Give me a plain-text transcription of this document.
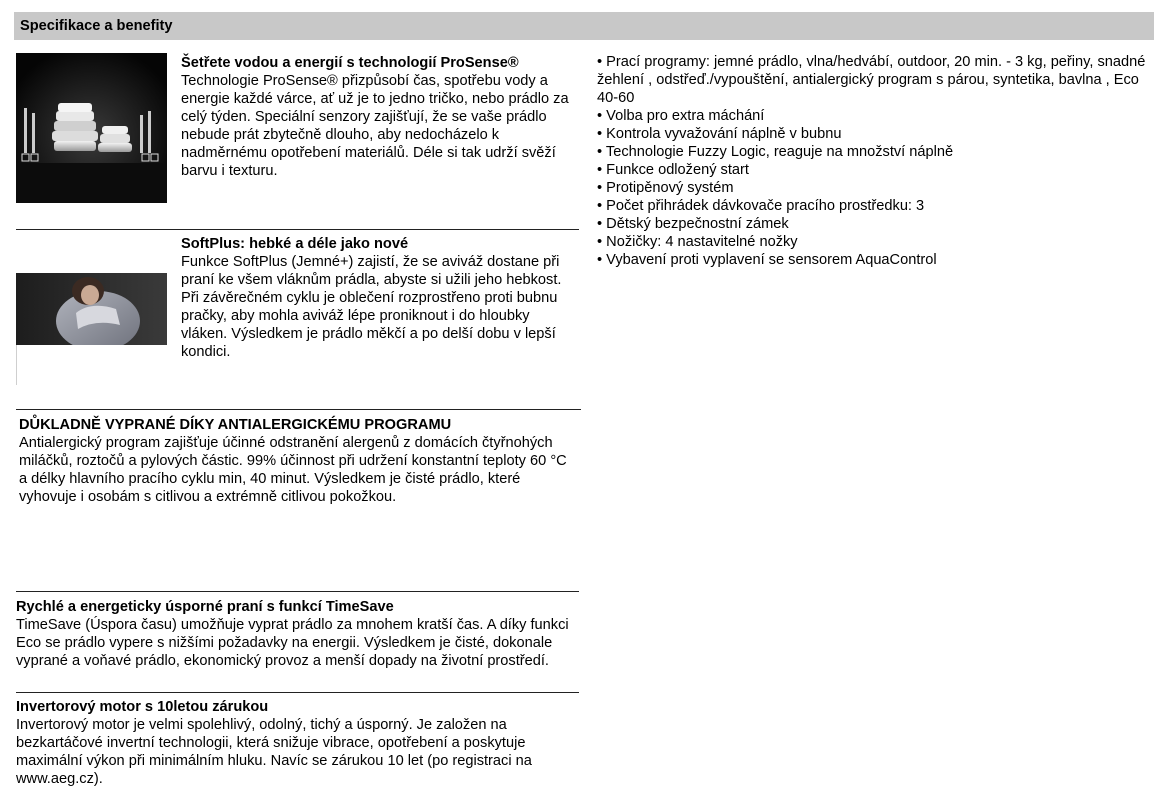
Specifikace a benefity
Šetřete vodou a energií s technologií ProSense®
Technologie ProSense® přizpůsobí čas, spotřebu vody a energie každé várce, ať už je to jedno tričko, nebo prádlo za celý týden. Speciální senzory zajišťují, že se vaše prádlo nebude prát zbytečně dlouho, aby nedocházelo k nadměrnému opotřebení materiálů. Déle si tak udrží svěží barvu i texturu.
SoftPlus: hebké a déle jako nové
Funkce SoftPlus (Jemné+) zajistí, že se aviváž dostane při praní ke všem vláknům prádla, abyste si užili jeho hebkost. Při závěrečném cyklu je oblečení rozprostřeno proti bubnu pračky, aby mohla aviváž lépe proniknout i do hloubky vláken. Výsledkem je prádlo měkčí a po delší dobu v lepší kondici.
DŮKLADNĚ VYPRANÉ DÍKY ANTIALERGICKÉMU PROGRAMU
Antialergický program zajišťuje účinné odstranění alergenů z domácích čtyřnohých miláčků, roztočů a pylových částic. 99% účinnost při udržení konstantní teploty 60 °C a délky hlavního pracího cyklu min, 40 minut. Výsledkem je čisté prádlo, které vyhovuje i osobám s citlivou a extrémně citlivou pokožkou.
Rychlé a energeticky úsporné praní s funkcí TimeSave
TimeSave (Úspora času) umožňuje vyprat prádlo za mnohem kratší čas. A díky funkci Eco se prádlo vypere s nižšími požadavky na energii. Výsledkem je čisté, dokonale vyprané a voňavé prádlo, ekonomický provoz a menší dopady na životní prostředí.
Invertorový motor s 10letou zárukou
Invertorový motor je velmi spolehlivý, odolný, tichý a úsporný. Je založen na bezkartáčové invertní technologii, která snižuje vibrace, opotřebení a poskytuje maximální výkon při minimálním hluku. Navíc se zárukou 10 let (po registraci na www.aeg.cz).
• Prací programy: jemné prádlo, vlna/hedvábí, outdoor, 20 min. - 3 kg, peřiny, snadné žehlení , odstřeď./vypouštění, antialergický program s párou, syntetika, bavlna , Eco 40-60
• Volba pro extra máchání
• Kontrola vyvažování náplně v bubnu
• Technologie Fuzzy Logic, reaguje na množství náplně
• Funkce odložený start
• Protipěnový systém
• Počet přihrádek dávkovače pracího prostředku: 3
• Dětský bezpečnostní zámek
• Nožičky: 4 nastavitelné nožky
• Vybavení proti vyplavení se sensorem AquaControl
